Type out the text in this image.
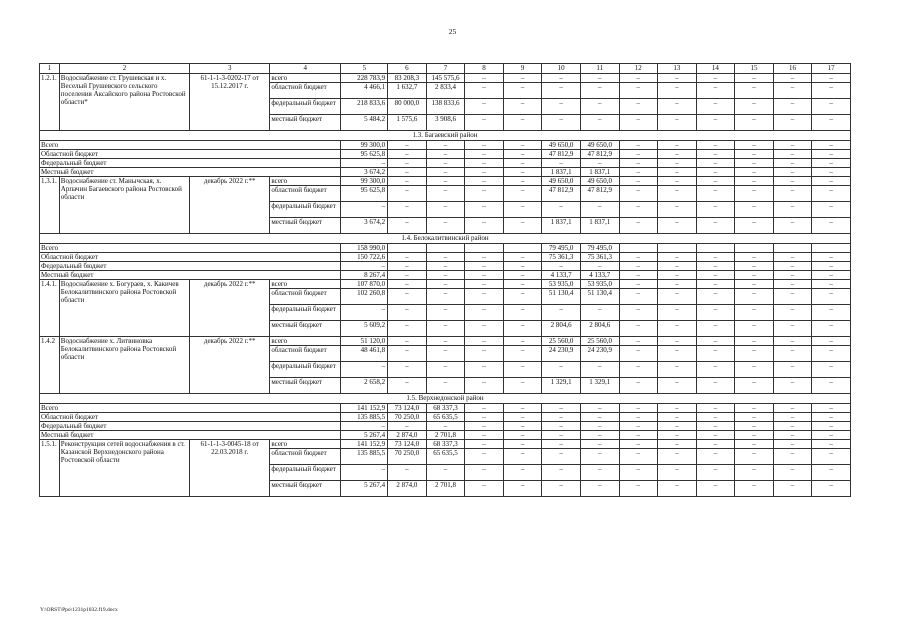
25
1	2	3	4	5	6	7	8	9	10	11	12	13	14	15	16	17
1.2.1.	Водоснабжение ст. Грушевская и х. Веселый Грушевского сельского поселения Аксайского района Ростовской области*	61-1-1-3-0202-17 от 15.12.2017 г.	всего	228 783,9	83 208,3	145 575,6	–	–	–	–	–	–	–	–	–	–
			областной бюджет	4 466,1	1 632,7	2 833,4	–	–	–	–	–	–	–	–	–	–
			федеральный бюджет	218 833,6	80 000,0	138 833,6	–	–	–	–	–	–	–	–	–	–
			местный бюджет	5 484,2	1 575,6	3 908,6	–	–	–	–	–	–	–	–	–	–
1.3. Багаевский район																
Всего				99 300,0	–	–	–	–	49 650,0	49 650,0	–	–	–	–	–	–
Областной бюджет				95 625,8	–	–	–	–	47 812,9	47 812,9	–	–	–	–	–	–
Федеральный бюджет				–	–	–	–	–	–	–	–	–	–	–	–	–
Местный бюджет				3 674,2	–	–	–	–	1 837,1	1 837,1	–	–	–	–	–	–
1.3.1.	Водоснабжение ст. Манычская, х. Арпачин Багаевского района Ростовской области	декабрь 2022 г.**	всего	99 300,0	–	–	–	–	49 650,0	49 650,0	–	–	–	–	–	–
			областной бюджет	95 625,8	–	–	–	–	47 812,9	47 812,9	–	–	–	–	–	–
			федеральный бюджет	–	–	–	–	–	–	–	–	–	–	–	–	–
			местный бюджет	3 674,2	–	–	–	–	1 837,1	1 837,1	–	–	–	–	–	–
1.4. Белокалитвинский район																
Всего				158 990,0					79 495,0	79 495,0						
Областной бюджет				150 722,6	–	–	–	–	75 361,3	75 361,3	–	–	–	–	–	–
Федеральный бюджет				–	–	–	–	–	–	–	–	–	–	–	–	–
Местный бюджет				8 267,4	–	–	–	–	4 133,7	4 133,7	–	–	–	–	–	–
1.4.1.	Водоснабжение х. Богураев, х. Какичев Белокалитвинского района Ростовской области	декабрь 2022 г.**	всего	107 870,0	–	–	–	–	53 935,0	53 935,0	–	–	–	–	–	–
			областной бюджет	102 260,8	–	–	–	–	51 130,4	51 130,4	–	–	–	–	–	–
			федеральный бюджет	–	–	–	–	–	–	–	–	–	–	–	–	–
			местный бюджет	5 609,2	–	–	–	–	2 804,6	2 804,6	–	–	–	–	–	–
1.4.2	Водоснабжение х. Литвиновка Белокалитвинского района Ростовской области	декабрь 2022 г.**	всего	51 120,0	–	–	–	–	25 560,0	25 560,0	–	–	–	–	–	–
			областной бюджет	48 461,8	–	–	–	–	24 230,9	24 230,9	–	–	–	–	–	–
			федеральный бюджет	–	–	–	–	–	–	–	–	–	–	–	–	–
			местный бюджет	2 658,2	–	–	–	–	1 329,1	1 329,1	–	–	–	–	–	–
1.5. Верхнедонской район																
Всего				141 152,9	73 124,0	68 337,3	–	–	–	–	–	–	–	–	–	–
Областной бюджет				135 885,5	70 250,0	65 635,5	–	–	–	–	–	–	–	–	–	–
Федеральный бюджет				–	–	–	–	–	–	–	–	–	–	–	–	–
Местный бюджет				5 267,4	2 874,0	2 701,8	–	–	–	–	–	–	–	–	–	–
1.5.1.	Реконструкция сетей водоснабжения в ст. Казанской Верхнедонского района Ростовской области	61-1-1-3-0045-18 от 22.03.2018 г.	всего	141 152,9	73 124,0	68 337,3	–	–	–	–	–	–	–	–	–	–
			областной бюджет	135 885,5	70 250,0	65 635,5	–	–	–	–	–	–	–	–	–	–
			федеральный бюджет	–	–	–	–	–	–	–	–	–	–	–	–	–
			местный бюджет	5 267,4	2 874,0	2 701,8	–	–	–	–	–	–	–	–	–	–
Y:\ORST\Ppo\1231p1032.f19.docx
